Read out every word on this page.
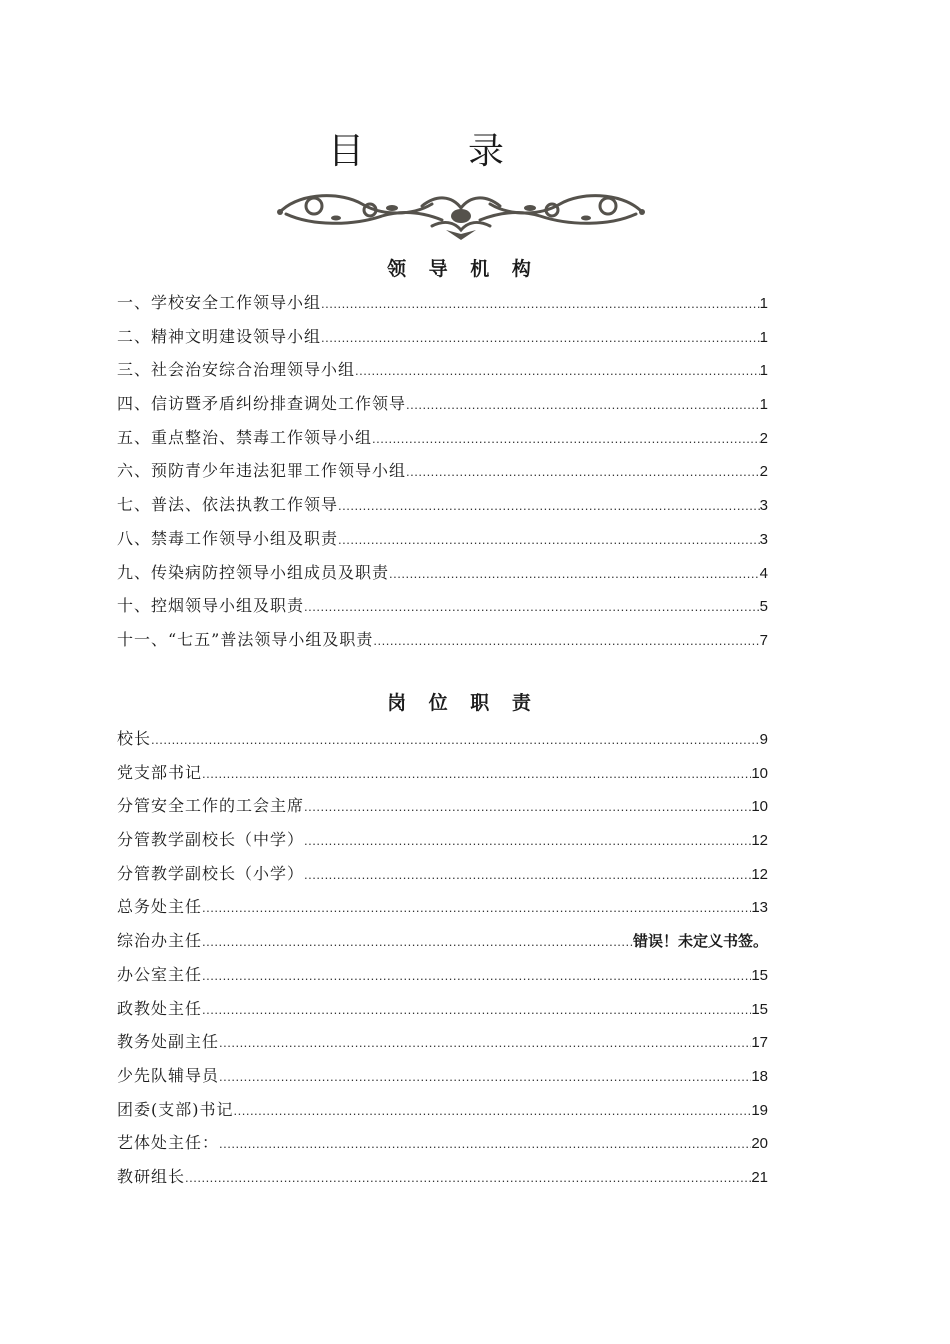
目　录
领 导 机 构
一、学校安全工作领导小组 .....	1
二、精神文明建设领导小组 .....	1
三、社会治安综合治理领导小组 .....	1
四、信访暨矛盾纠纷排查调处工作领导 .....	1
五、重点整治、禁毒工作领导小组 .....	2
六、预防青少年违法犯罪工作领导小组 .....	2
七、普法、依法执教工作领导 .....	3
八、禁毒工作领导小组及职责 .....	3
九、传染病防控领导小组成员及职责 .....	4
十、控烟领导小组及职责 .....	5
十一、“七五”普法领导小组及职责 .....	7
岗 位 职 责
校长 .....	9
党支部书记 .....	10
分管安全工作的工会主席 .....	10
分管教学副校长（中学） .....	12
分管教学副校长（小学） .....	12
总务处主任 .....	13
综治办主任 .....	错误！未定义书签。
办公室主任 .....	15
政教处主任 .....	15
教务处副主任 .....	17
少先队辅导员 .....	18
团委(支部)书记 .....	19
艺体处主任： .....	20
教研组长 .....	21
